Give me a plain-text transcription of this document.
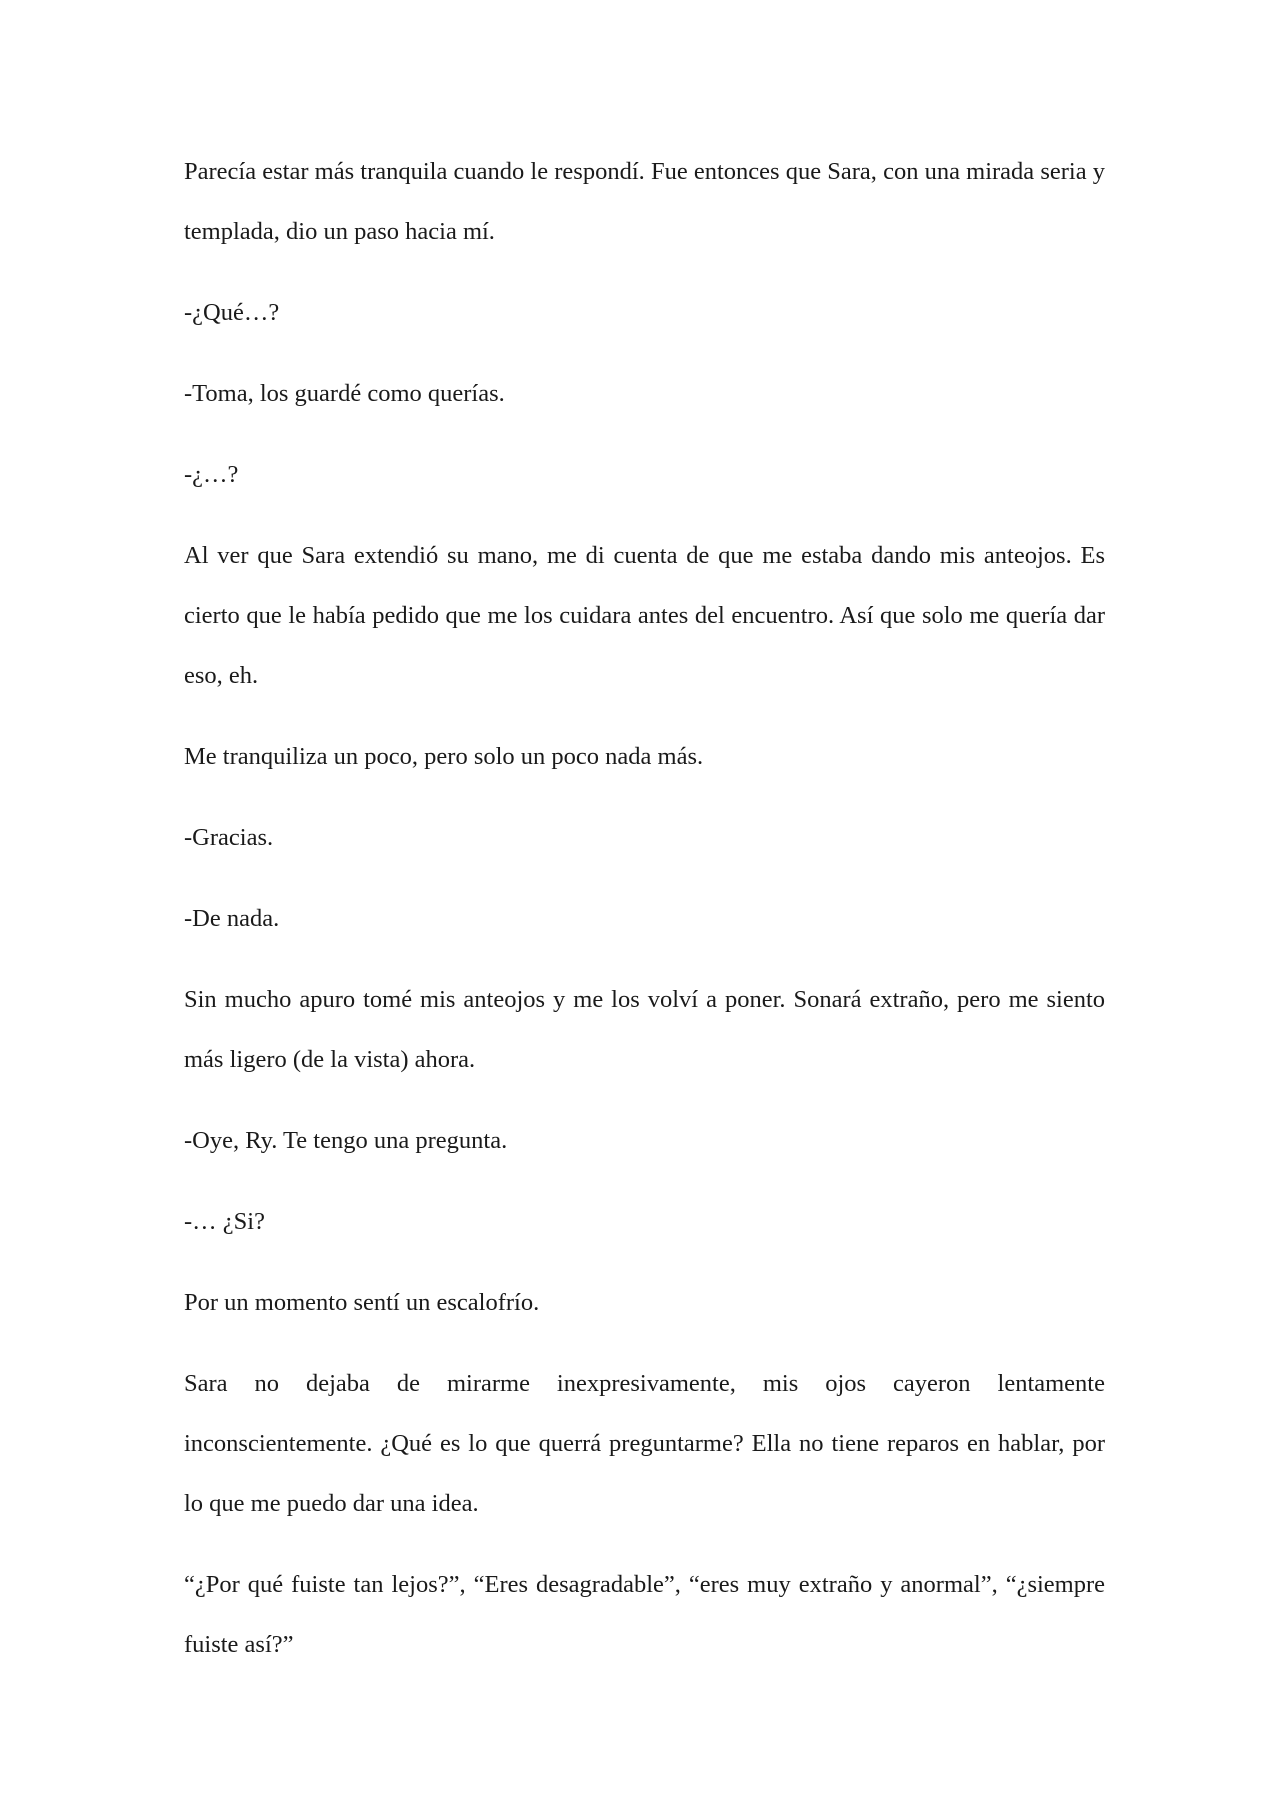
Parecía estar más tranquila cuando le respondí. Fue entonces que Sara, con una mirada seria y templada, dio un paso hacia mí.

-¿Qué…?

-Toma, los guardé como querías.

-¿…?

Al ver que Sara extendió su mano, me di cuenta de que me estaba dando mis anteojos. Es cierto que le había pedido que me los cuidara antes del encuentro. Así que solo me quería dar eso, eh.

Me tranquiliza un poco, pero solo un poco nada más.

-Gracias.

-De nada.

Sin mucho apuro tomé mis anteojos y me los volví a poner. Sonará extraño, pero me siento más ligero (de la vista) ahora.

-Oye, Ry. Te tengo una pregunta.

-… ¿Si?

Por un momento sentí un escalofrío.

Sara no dejaba de mirarme inexpresivamente, mis ojos cayeron lentamente inconscientemente. ¿Qué es lo que querrá preguntarme? Ella no tiene reparos en hablar, por lo que me puedo dar una idea.

“¿Por qué fuiste tan lejos?”, “Eres desagradable”, “eres muy extraño y anormal”, “¿siempre fuiste así?”
